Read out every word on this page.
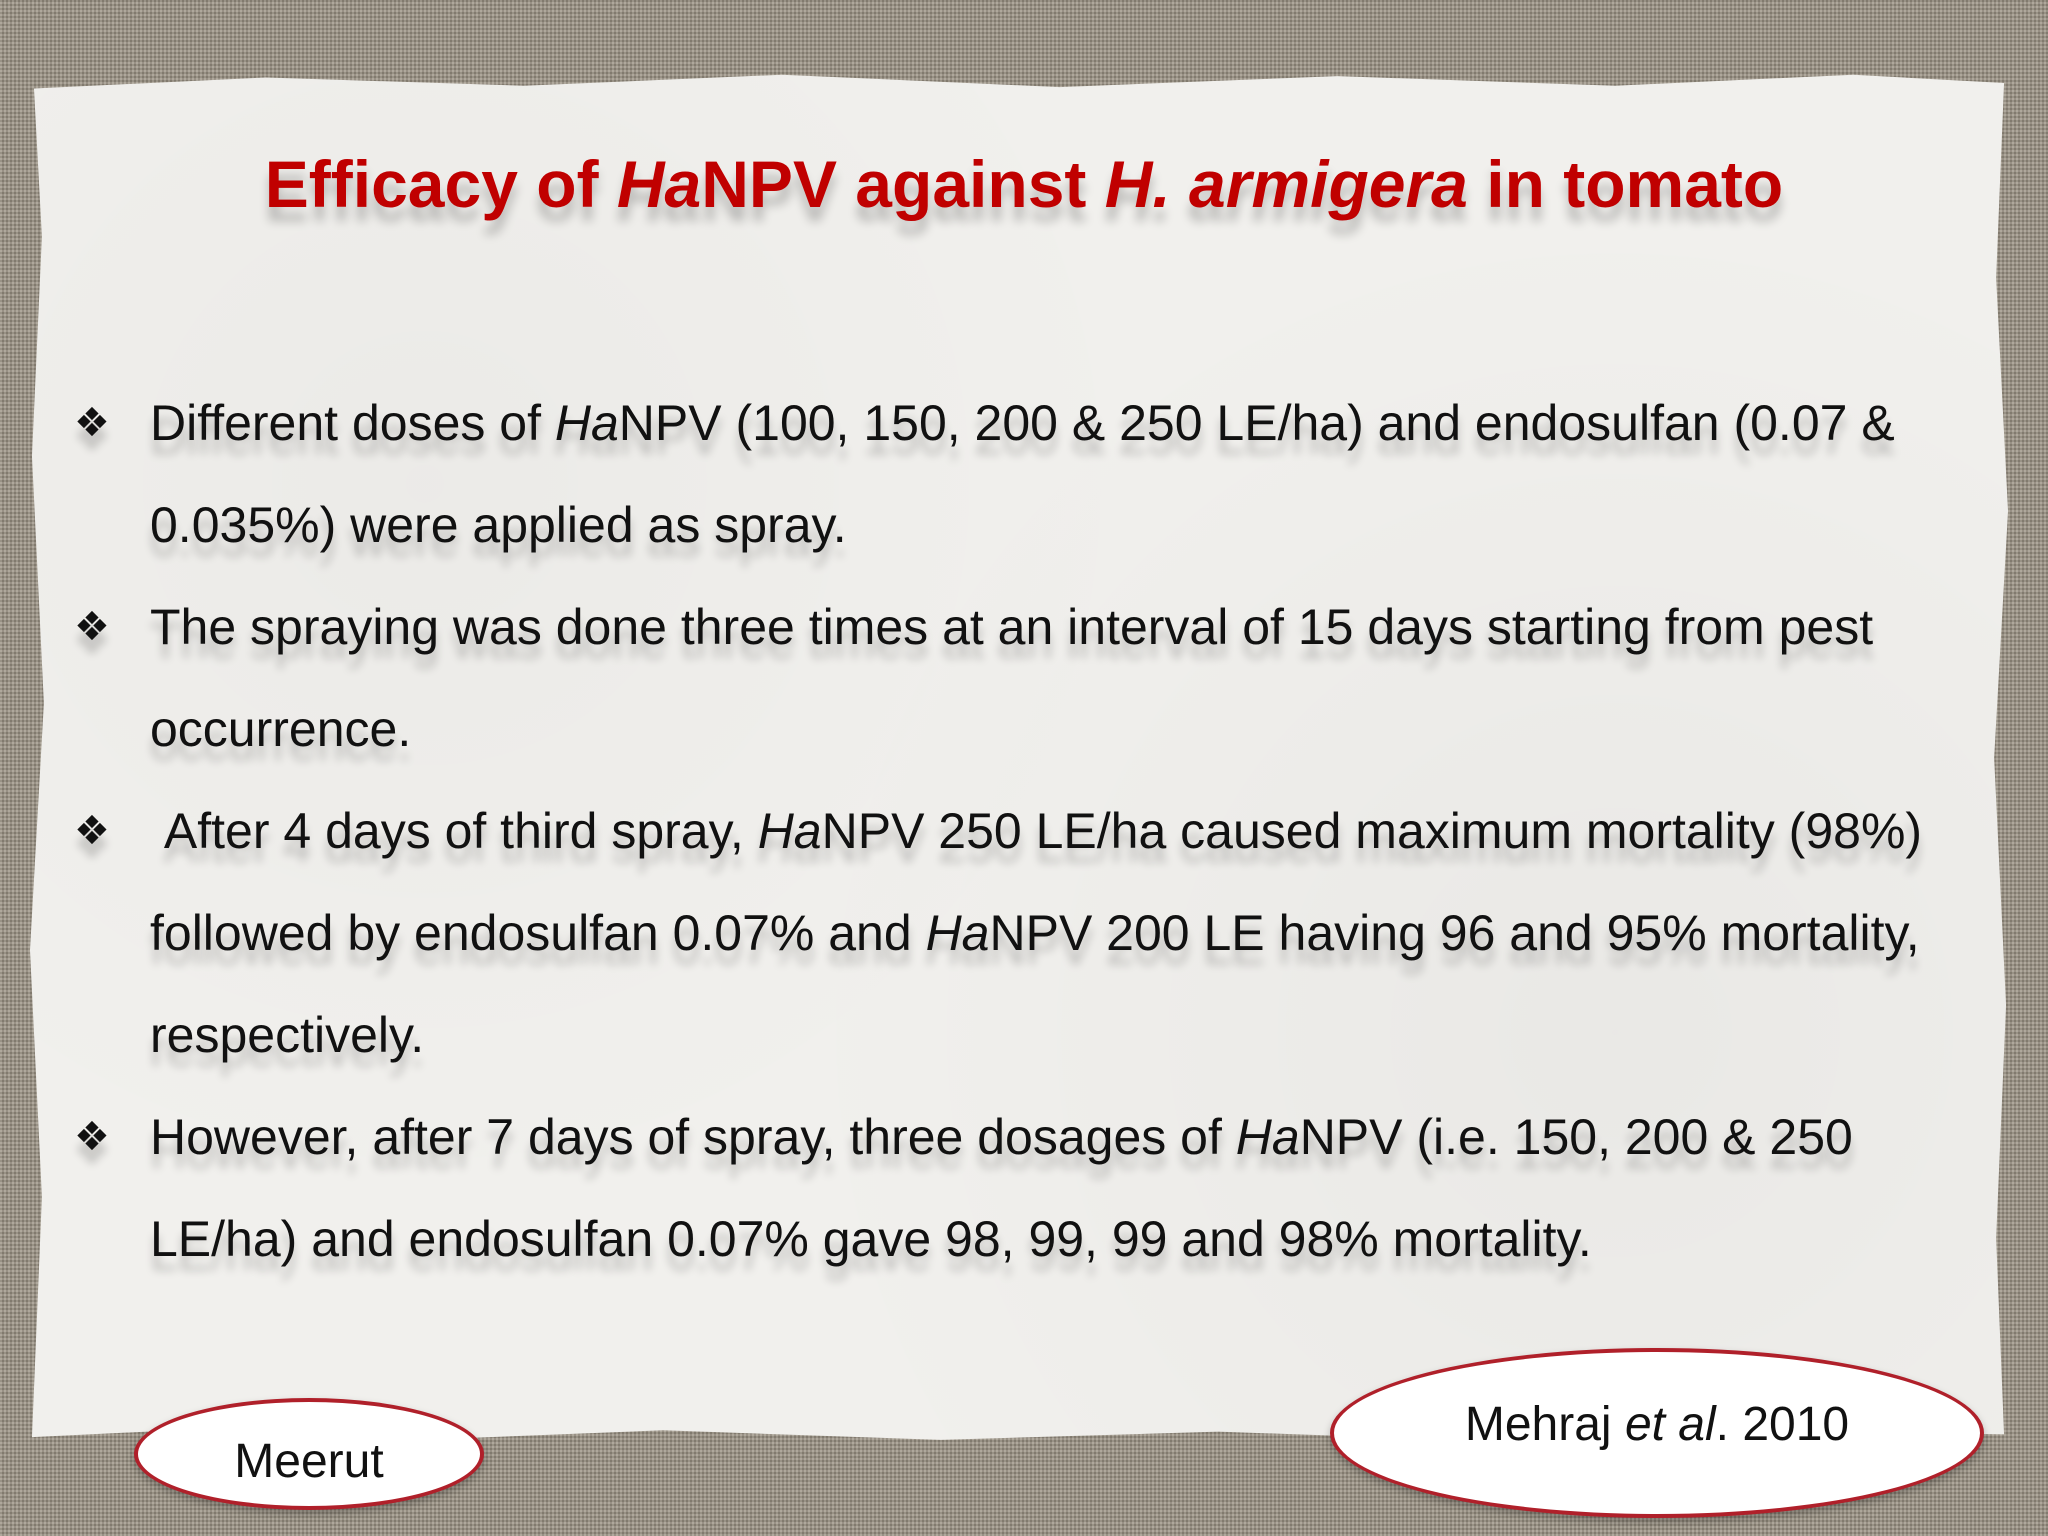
Efficacy of HaNPV against H. armigera in tomato
❖ Different doses of HaNPV (100, 150, 200 & 250 LE/ha) and endosulfan (0.07 & 0.035%) were applied as spray.
❖ The spraying was done three times at an interval of 15 days starting from pest occurrence.
❖ After 4 days of third spray, HaNPV 250 LE/ha caused maximum mortality (98%) followed by endosulfan 0.07% and HaNPV 200 LE having 96 and 95% mortality, respectively.
❖ However, after 7 days of spray, three dosages of HaNPV (i.e. 150, 200 & 250 LE/ha) and endosulfan 0.07% gave 98, 99, 99 and 98% mortality.
Meerut
Mehraj et al. 2010
